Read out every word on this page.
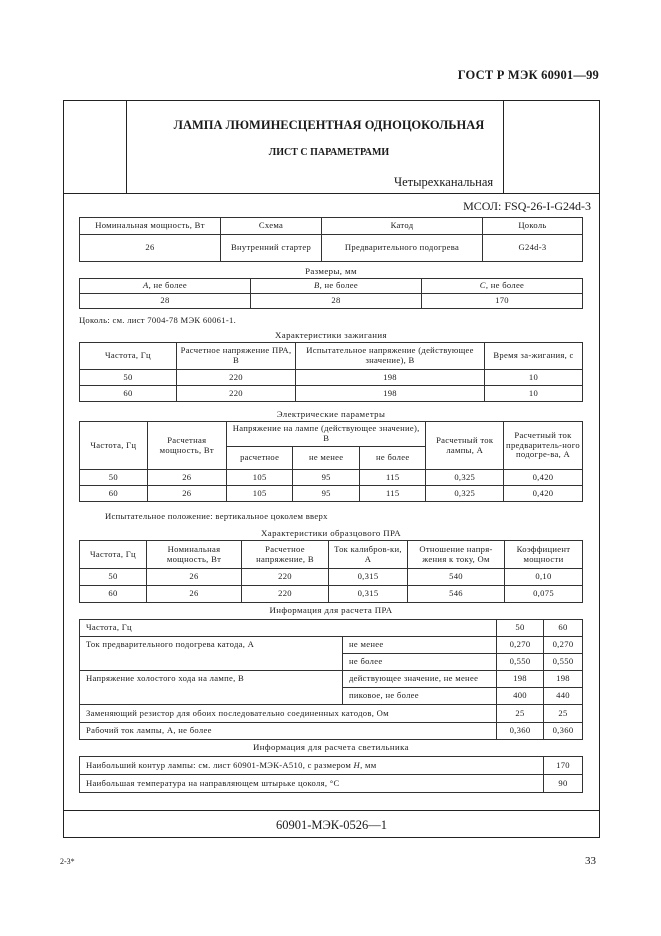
ГОСТ Р МЭК 60901—99
ЛАМПА ЛЮМИНЕСЦЕНТНАЯ ОДНОЦОКОЛЬНАЯ
ЛИСТ С ПАРАМЕТРАМИ
Четырехканальная
МСОЛ: FSQ-26-I-G24d-3
Номинальная мощность, Вт	Схема	Катод	Цоколь
26	Внутренний стартер	Предварительного подогрева	G24d-3
Размеры, мм
A, не более	B, не более	C, не более
28	28	170
Цоколь: см. лист 7004-78 МЭК 60061-1.
Характеристики зажигания
Частота, Гц	Расчетное напряжение ПРА, В	Испытательное напряжение (действующее значение), В	Время за-жигания, с
50	220	198	10
60	220	198	10
Электрические параметры
Частота, Гц	Расчетная мощность, Вт	Напряжение на лампе (действующее значение), В			Расчетный ток лампы, А	Расчетный ток предваритель-ного подогре-ва, А
		расчетное	не менее	не более		
50	26	105	95	115	0,325	0,420
60	26	105	95	115	0,325	0,420
Испытательное положение: вертикальное цоколем вверх
Характеристики образцового ПРА
Частота, Гц	Номинальная мощность, Вт	Расчетное напряжение, В	Ток калибров-ки, А	Отношение напря-жения к току, Ом	Коэффициент мощности
50	26	220	0,315	540	0,10
60	26	220	0,315	546	0,075
Информация для расчета ПРА
Частота, Гц		50	60
Ток предварительного подогрева катода, А	не менее	0,270	0,270
	не более	0,550	0,550
Напряжение холостого хода на лампе, В	действующее значение, не менее	198	198
	пиковое, не более	400	440
Заменяющий резистор для обоих последовательно соединенных катодов, Ом		25	25
Рабочий ток лампы, А, не более		0,360	0,360
Информация для расчета светильника
Наибольший контур лампы: см. лист 60901-МЭК-А510, с размером H, мм	170
Наибольшая температура на направляющем штырьке цоколя, °С	90
60901-МЭК-0526—1
2-3*	33
